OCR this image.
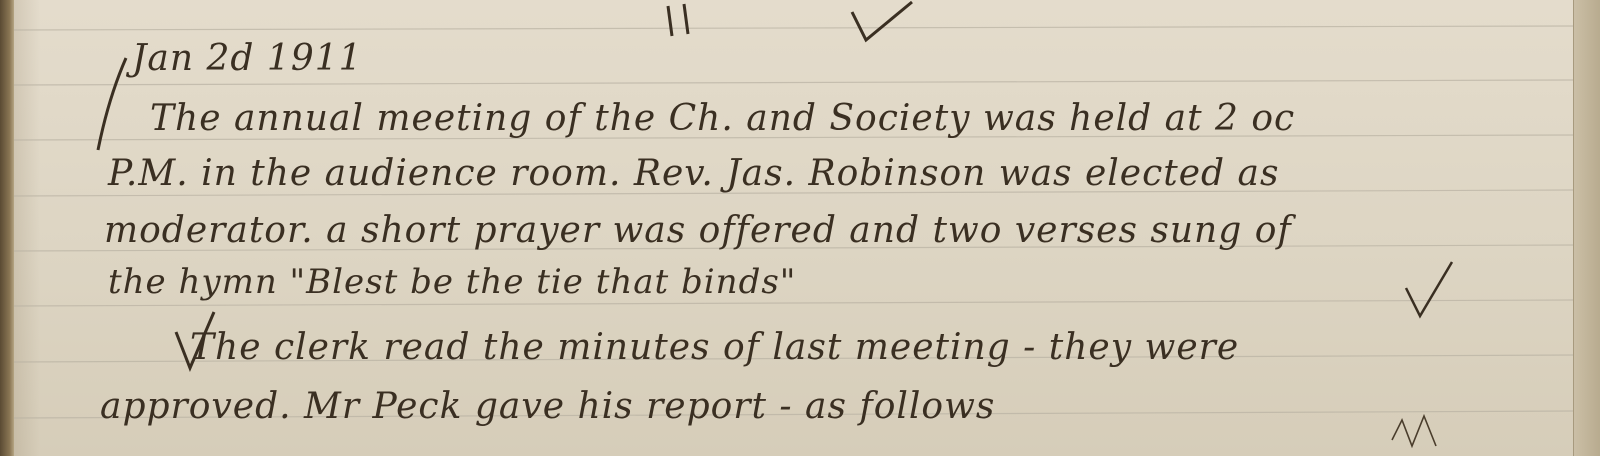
Jan 2d 1911
The annual meeting of the Ch. and Society was held at 2 oc
P.M. in the audience room. Rev. Jas. Robinson was elected as
moderator. a short prayer was offered and two verses sung of
the hymn "Blest be the tie that binds"
The clerk read the minutes of last meeting - they were
approved. Mr Peck gave his report - as follows
